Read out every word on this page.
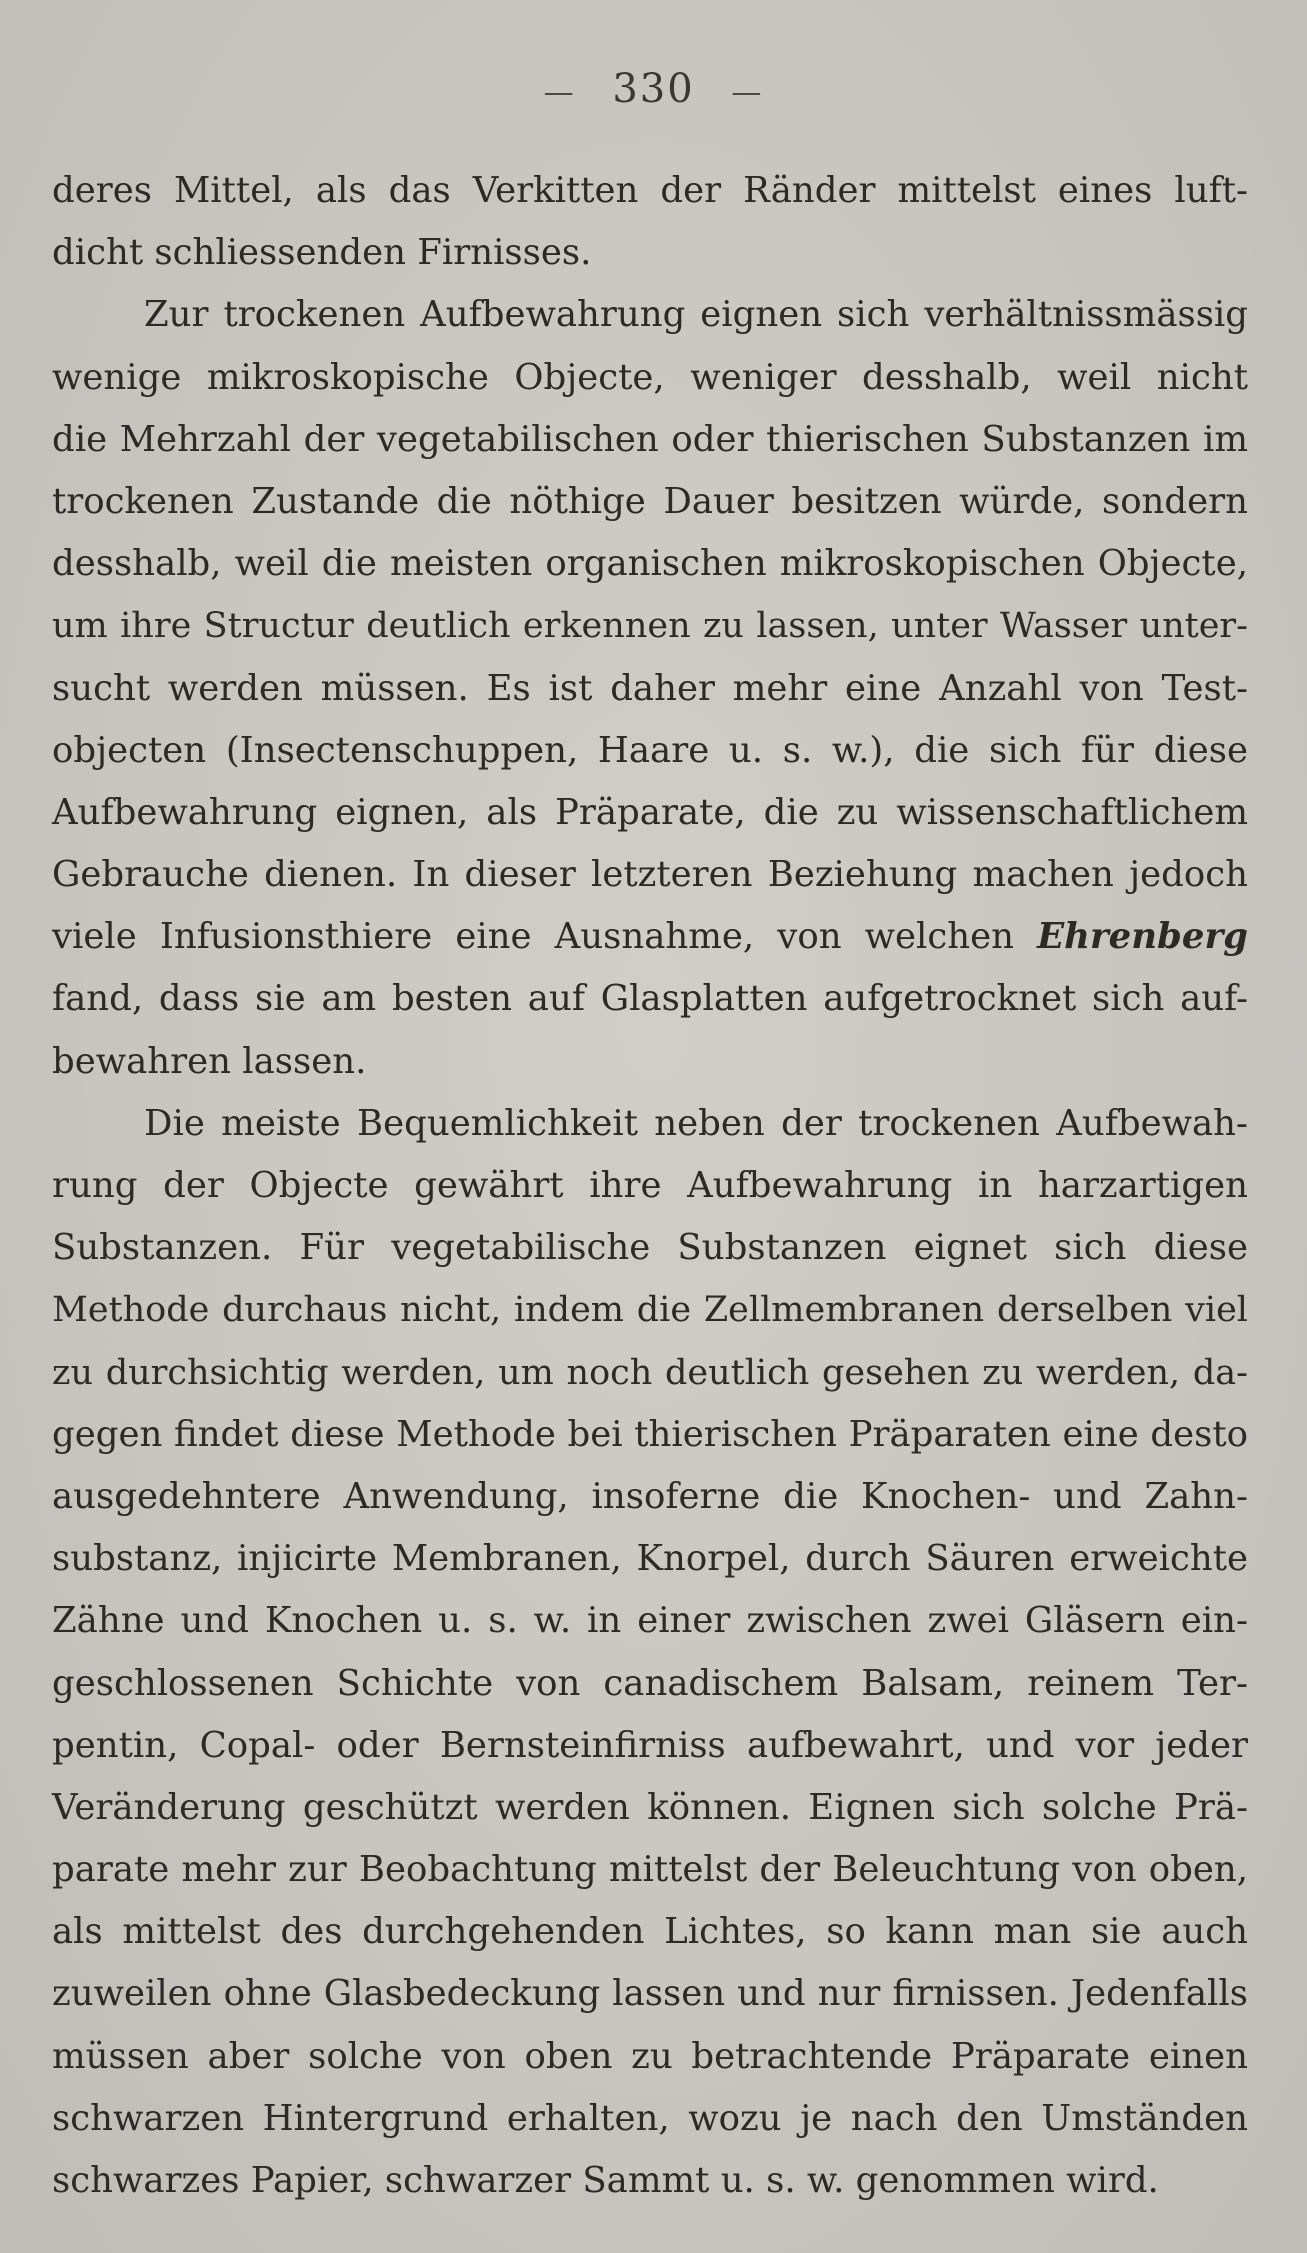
— 330 —
deres Mittel, als das Verkitten der Ränder mittelst eines luft-
dicht schliessenden Firnisses.
Zur trockenen Aufbewahrung eignen sich verhältnissmässig
wenige mikroskopische Objecte, weniger desshalb, weil nicht
die Mehrzahl der vegetabilischen oder thierischen Substanzen im
trockenen Zustande die nöthige Dauer besitzen würde, sondern
desshalb, weil die meisten organischen mikroskopischen Objecte,
um ihre Structur deutlich erkennen zu lassen, unter Wasser unter-
sucht werden müssen. Es ist daher mehr eine Anzahl von Test-
objecten (Insectenschuppen, Haare u. s. w.), die sich für diese
Aufbewahrung eignen, als Präparate, die zu wissenschaftlichem
Gebrauche dienen. In dieser letzteren Beziehung machen jedoch
viele Infusionsthiere eine Ausnahme, von welchen Ehrenberg
fand, dass sie am besten auf Glasplatten aufgetrocknet sich auf-
bewahren lassen.
Die meiste Bequemlichkeit neben der trockenen Aufbewah-
rung der Objecte gewährt ihre Aufbewahrung in harzartigen
Substanzen. Für vegetabilische Substanzen eignet sich diese
Methode durchaus nicht, indem die Zellmembranen derselben viel
zu durchsichtig werden, um noch deutlich gesehen zu werden, da-
gegen findet diese Methode bei thierischen Präparaten eine desto
ausgedehntere Anwendung, insoferne die Knochen- und Zahn-
substanz, injicirte Membranen, Knorpel, durch Säuren erweichte
Zähne und Knochen u. s. w. in einer zwischen zwei Gläsern ein-
geschlossenen Schichte von canadischem Balsam, reinem Ter-
pentin, Copal- oder Bernsteinfirniss aufbewahrt, und vor jeder
Veränderung geschützt werden können. Eignen sich solche Prä-
parate mehr zur Beobachtung mittelst der Beleuchtung von oben,
als mittelst des durchgehenden Lichtes, so kann man sie auch
zuweilen ohne Glasbedeckung lassen und nur firnissen. Jedenfalls
müssen aber solche von oben zu betrachtende Präparate einen
schwarzen Hintergrund erhalten, wozu je nach den Umständen
schwarzes Papier, schwarzer Sammt u. s. w. genommen wird.
